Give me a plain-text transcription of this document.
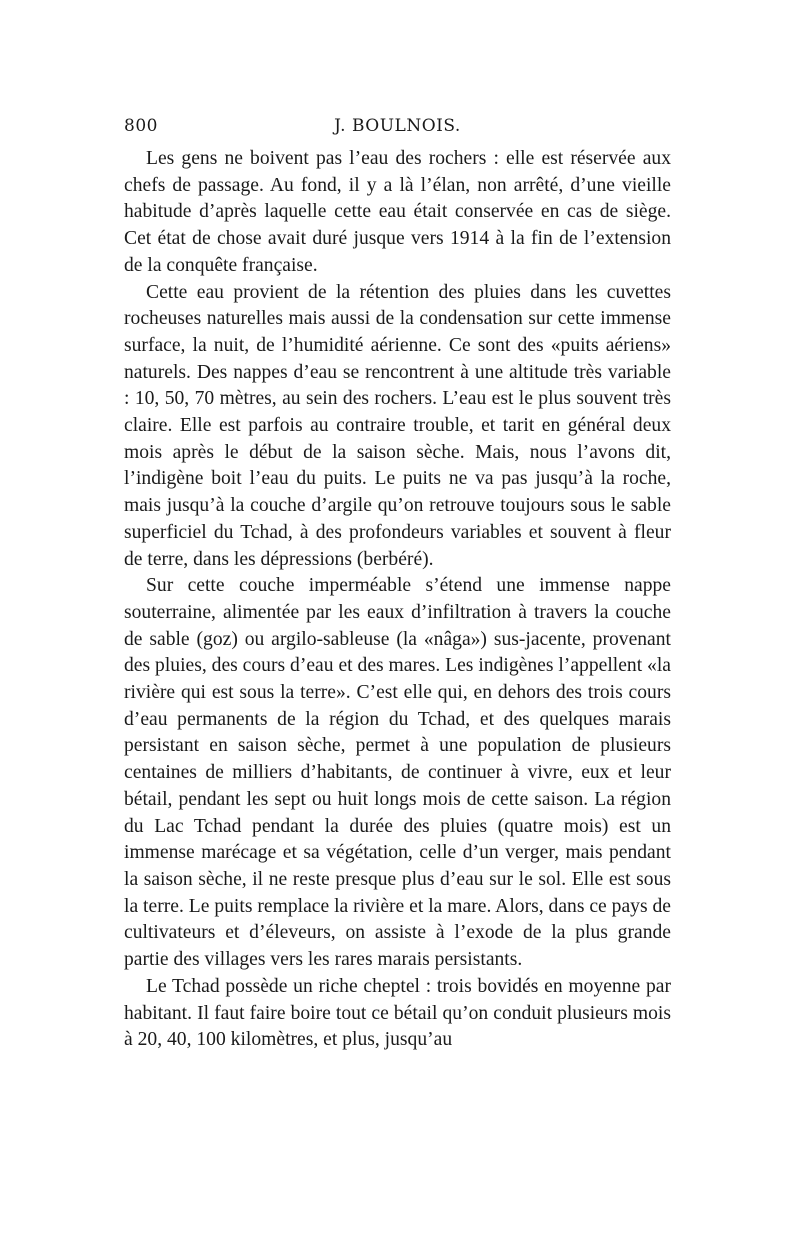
800	J. BOULNOIS.

Les gens ne boivent pas l’eau des rochers : elle est réservée aux chefs de passage. Au fond, il y a là l’élan, non arrêté, d’une vieille habitude d’après laquelle cette eau était conservée en cas de siège. Cet état de chose avait duré jusque vers 1914 à la fin de l’extension de la conquête française.

Cette eau provient de la rétention des pluies dans les cuvettes rocheuses naturelles mais aussi de la condensation sur cette immense surface, la nuit, de l’humidité aérienne. Ce sont des «puits aériens» naturels. Des nappes d’eau se rencontrent à une altitude très variable : 10, 50, 70 mètres, au sein des rochers. L’eau est le plus souvent très claire. Elle est parfois au contraire trouble, et tarit en général deux mois après le début de la saison sèche. Mais, nous l’avons dit, l’indigène boit l’eau du puits. Le puits ne va pas jusqu’à la roche, mais jusqu’à la couche d’argile qu’on retrouve toujours sous le sable superficiel du Tchad, à des profondeurs variables et souvent à fleur de terre, dans les dépressions (berbéré).

Sur cette couche imperméable s’étend une immense nappe souterraine, alimentée par les eaux d’infiltration à travers la couche de sable (goz) ou argilo-sableuse (la «nâga») sus-jacente, provenant des pluies, des cours d’eau et des mares. Les indigènes l’appellent «la rivière qui est sous la terre». C’est elle qui, en dehors des trois cours d’eau permanents de la région du Tchad, et des quelques marais persistant en saison sèche, permet à une population de plusieurs centaines de milliers d’habitants, de continuer à vivre, eux et leur bétail, pendant les sept ou huit longs mois de cette saison. La région du Lac Tchad pendant la durée des pluies (quatre mois) est un immense marécage et sa végétation, celle d’un verger, mais pendant la saison sèche, il ne reste presque plus d’eau sur le sol. Elle est sous la terre. Le puits remplace la rivière et la mare. Alors, dans ce pays de cultivateurs et d’éleveurs, on assiste à l’exode de la plus grande partie des villages vers les rares marais persistants.

Le Tchad possède un riche cheptel : trois bovidés en moyenne par habitant. Il faut faire boire tout ce bétail qu’on conduit plusieurs mois à 20, 40, 100 kilomètres, et plus, jusqu’au
